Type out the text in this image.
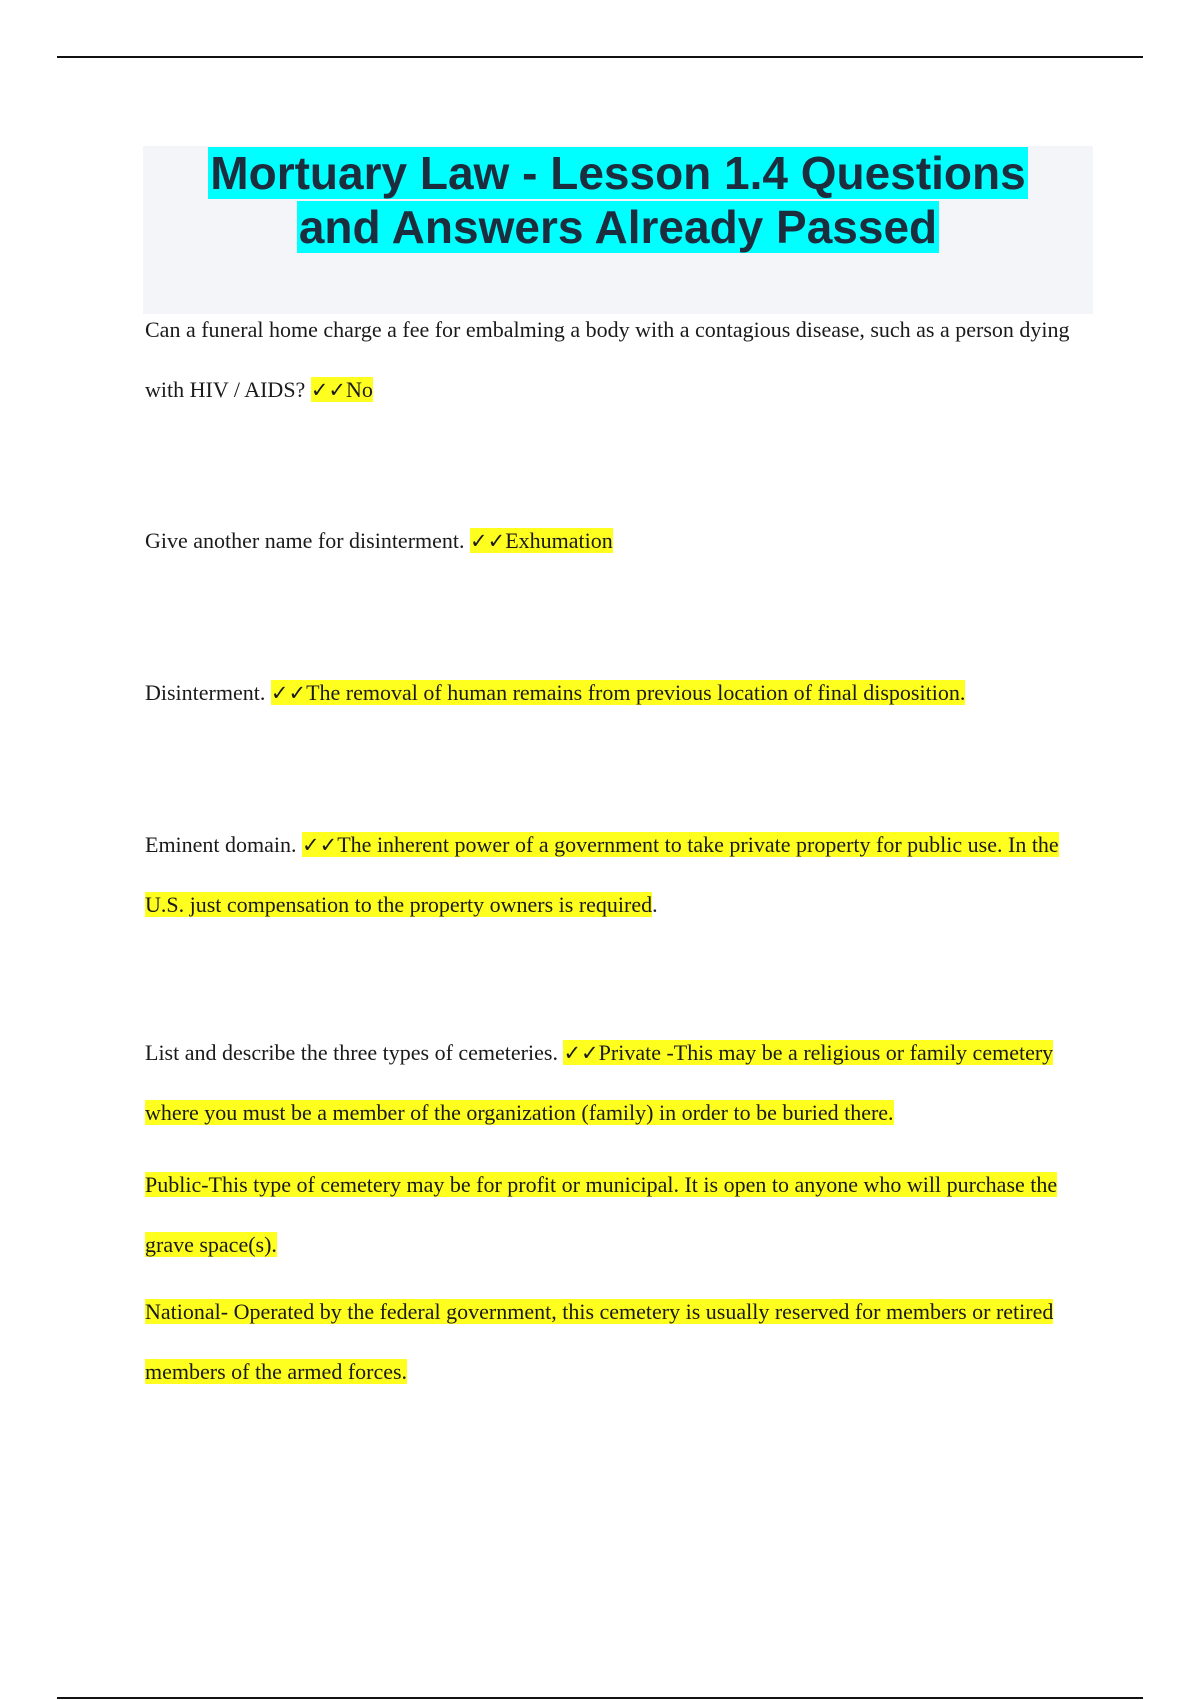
Mortuary Law - Lesson 1.4 Questions
and Answers Already Passed

Can a funeral home charge a fee for embalming a body with a contagious disease, such as a person dying with HIV / AIDS? ✓✓No

Give another name for disinterment. ✓✓Exhumation

Disinterment. ✓✓The removal of human remains from previous location of final disposition.

Eminent domain. ✓✓The inherent power of a government to take private property for public use. In the U.S. just compensation to the property owners is required.

List and describe the three types of cemeteries. ✓✓Private -This may be a religious or family cemetery where you must be a member of the organization (family) in order to be buried there.

Public-This type of cemetery may be for profit or municipal. It is open to anyone who will purchase the grave space(s).

National- Operated by the federal government, this cemetery is usually reserved for members or retired members of the armed forces.
